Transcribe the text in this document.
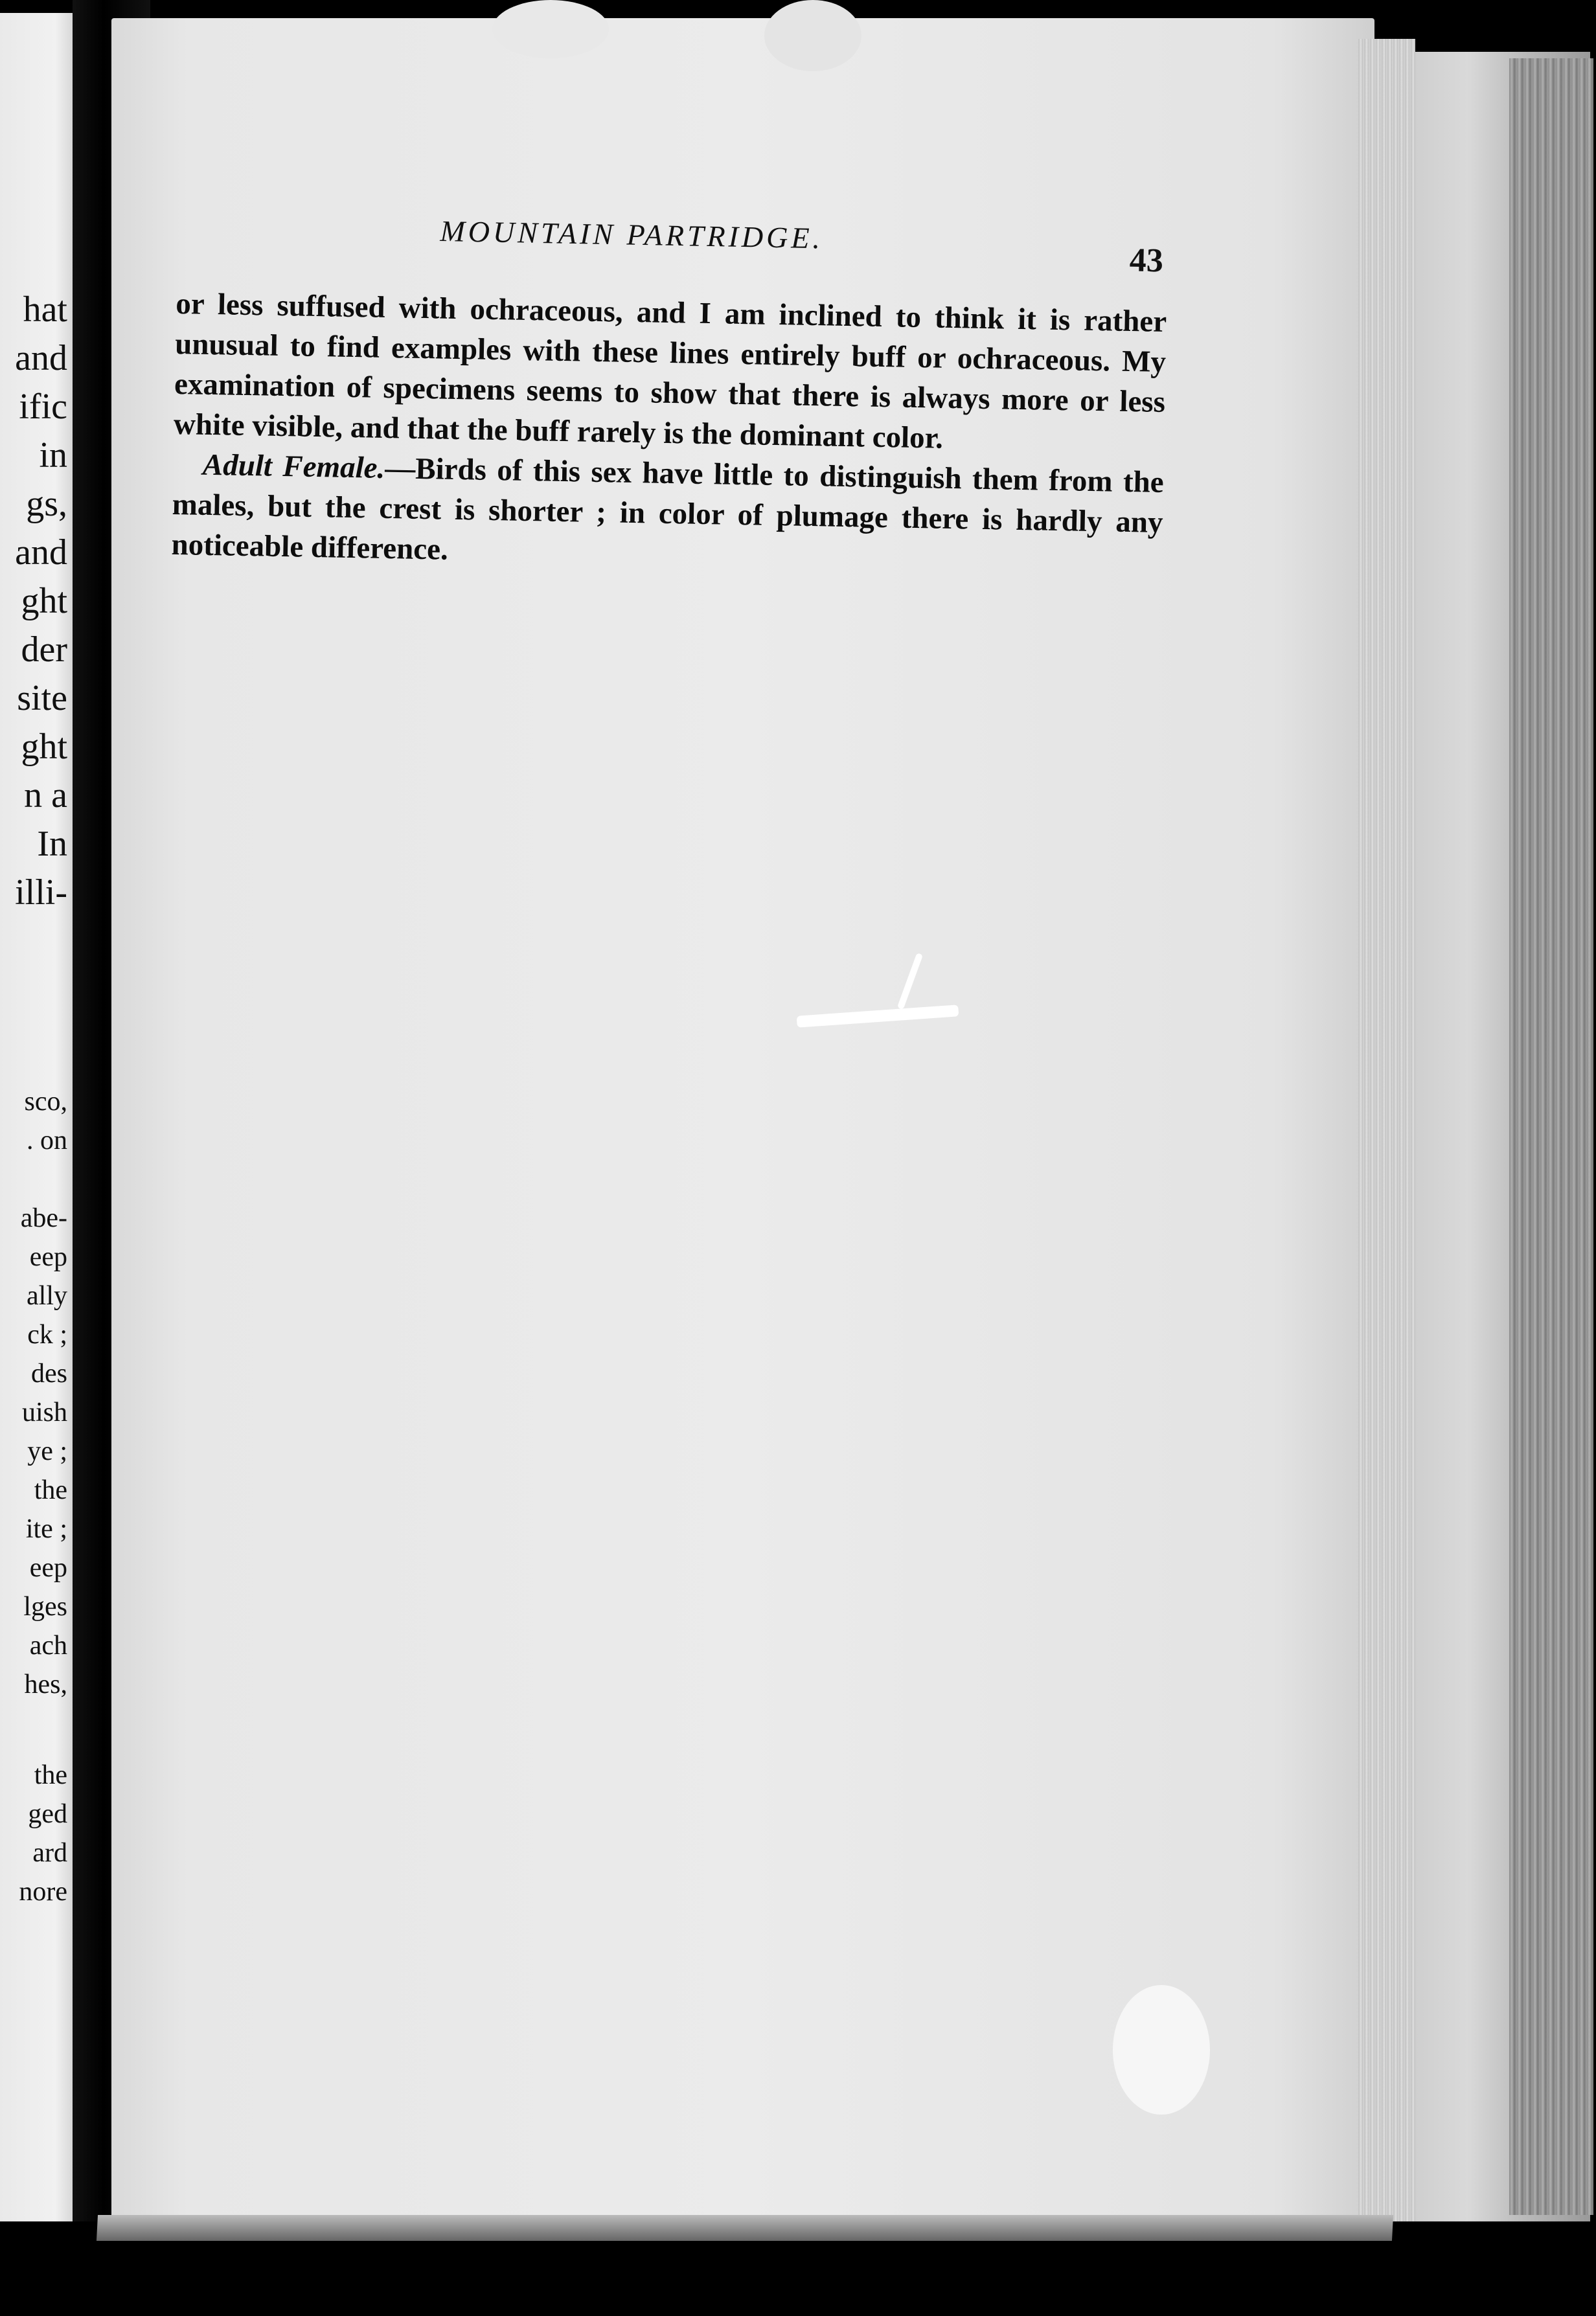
hat
and
ific
in
gs,
and
ght
der
site
ght
n a
In
illi-
sco,
. on
abe-
eep
ally
ck ;
des
uish
ye ;
the
ite ;
eep
lges
ach
hes,
the
ged
ard
nore
MOUNTAIN PARTRIDGE.
43

or less suffused with ochraceous, and I am inclined to think it is rather unusual to find examples with these lines entirely buff or ochraceous. My examination of specimens seems to show that there is always more or less white visible, and that the buff rarely is the dominant color.

Adult Female.—Birds of this sex have little to distinguish them from the males, but the crest is shorter ; in color of plumage there is hardly any noticeable difference.
